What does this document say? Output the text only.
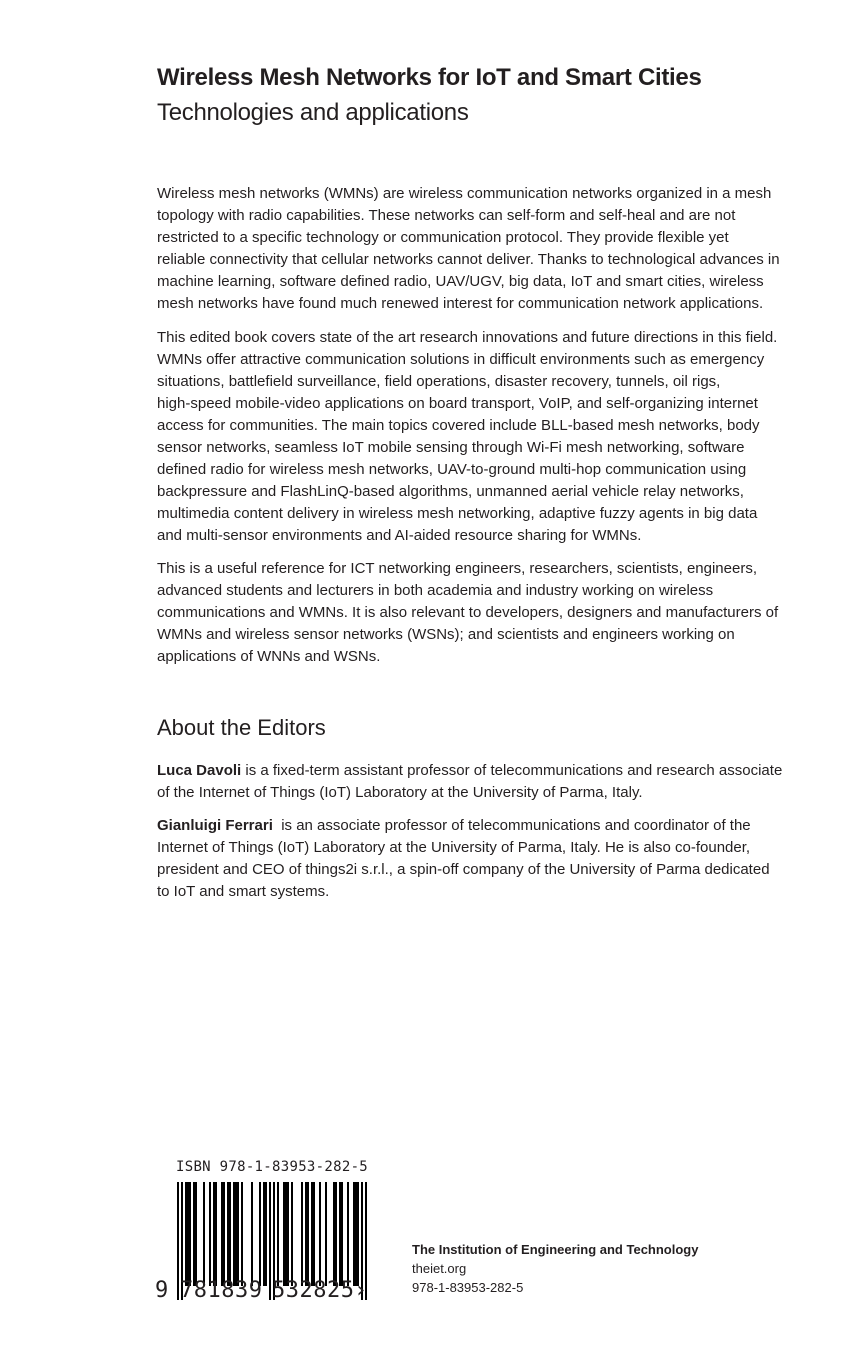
Wireless Mesh Networks for IoT and Smart Cities
Technologies and applications
Wireless mesh networks (WMNs) are wireless communication networks organized in a mesh
topology with radio capabilities. These networks can self-form and self-heal and are not
restricted to a specific technology or communication protocol. They provide flexible yet
reliable connectivity that cellular networks cannot deliver. Thanks to technological advances in
machine learning, software defined radio, UAV/UGV, big data, IoT and smart cities, wireless
mesh networks have found much renewed interest for communication network applications.
This edited book covers state of the art research innovations and future directions in this field.
WMNs offer attractive communication solutions in difficult environments such as emergency
situations, battlefield surveillance, field operations, disaster recovery, tunnels, oil rigs,
high-speed mobile-video applications on board transport, VoIP, and self-organizing internet
access for communities. The main topics covered include BLL-based mesh networks, body
sensor networks, seamless IoT mobile sensing through Wi-Fi mesh networking, software
defined radio for wireless mesh networks, UAV-to-ground multi-hop communication using
backpressure and FlashLinQ-based algorithms, unmanned aerial vehicle relay networks,
multimedia content delivery in wireless mesh networking, adaptive fuzzy agents in big data
and multi-sensor environments and AI-aided resource sharing for WMNs.
This is a useful reference for ICT networking engineers, researchers, scientists, engineers,
advanced students and lecturers in both academia and industry working on wireless
communications and WMNs. It is also relevant to developers, designers and manufacturers of
WMNs and wireless sensor networks (WSNs); and scientists and engineers working on
applications of WNNs and WSNs.
About the Editors
Luca Davoli is a fixed-term assistant professor of telecommunications and research associate
of the Internet of Things (IoT) Laboratory at the University of Parma, Italy.
Gianluigi Ferrari  is an associate professor of telecommunications and coordinator of the
Internet of Things (IoT) Laboratory at the University of Parma, Italy. He is also co-founder,
president and CEO of things2i s.r.l., a spin-off company of the University of Parma dedicated
to IoT and smart systems.
ISBN 978-1-83953-282-5
9 781839 532825 ›
The Institution of Engineering and Technology
theiet.org
978-1-83953-282-5
